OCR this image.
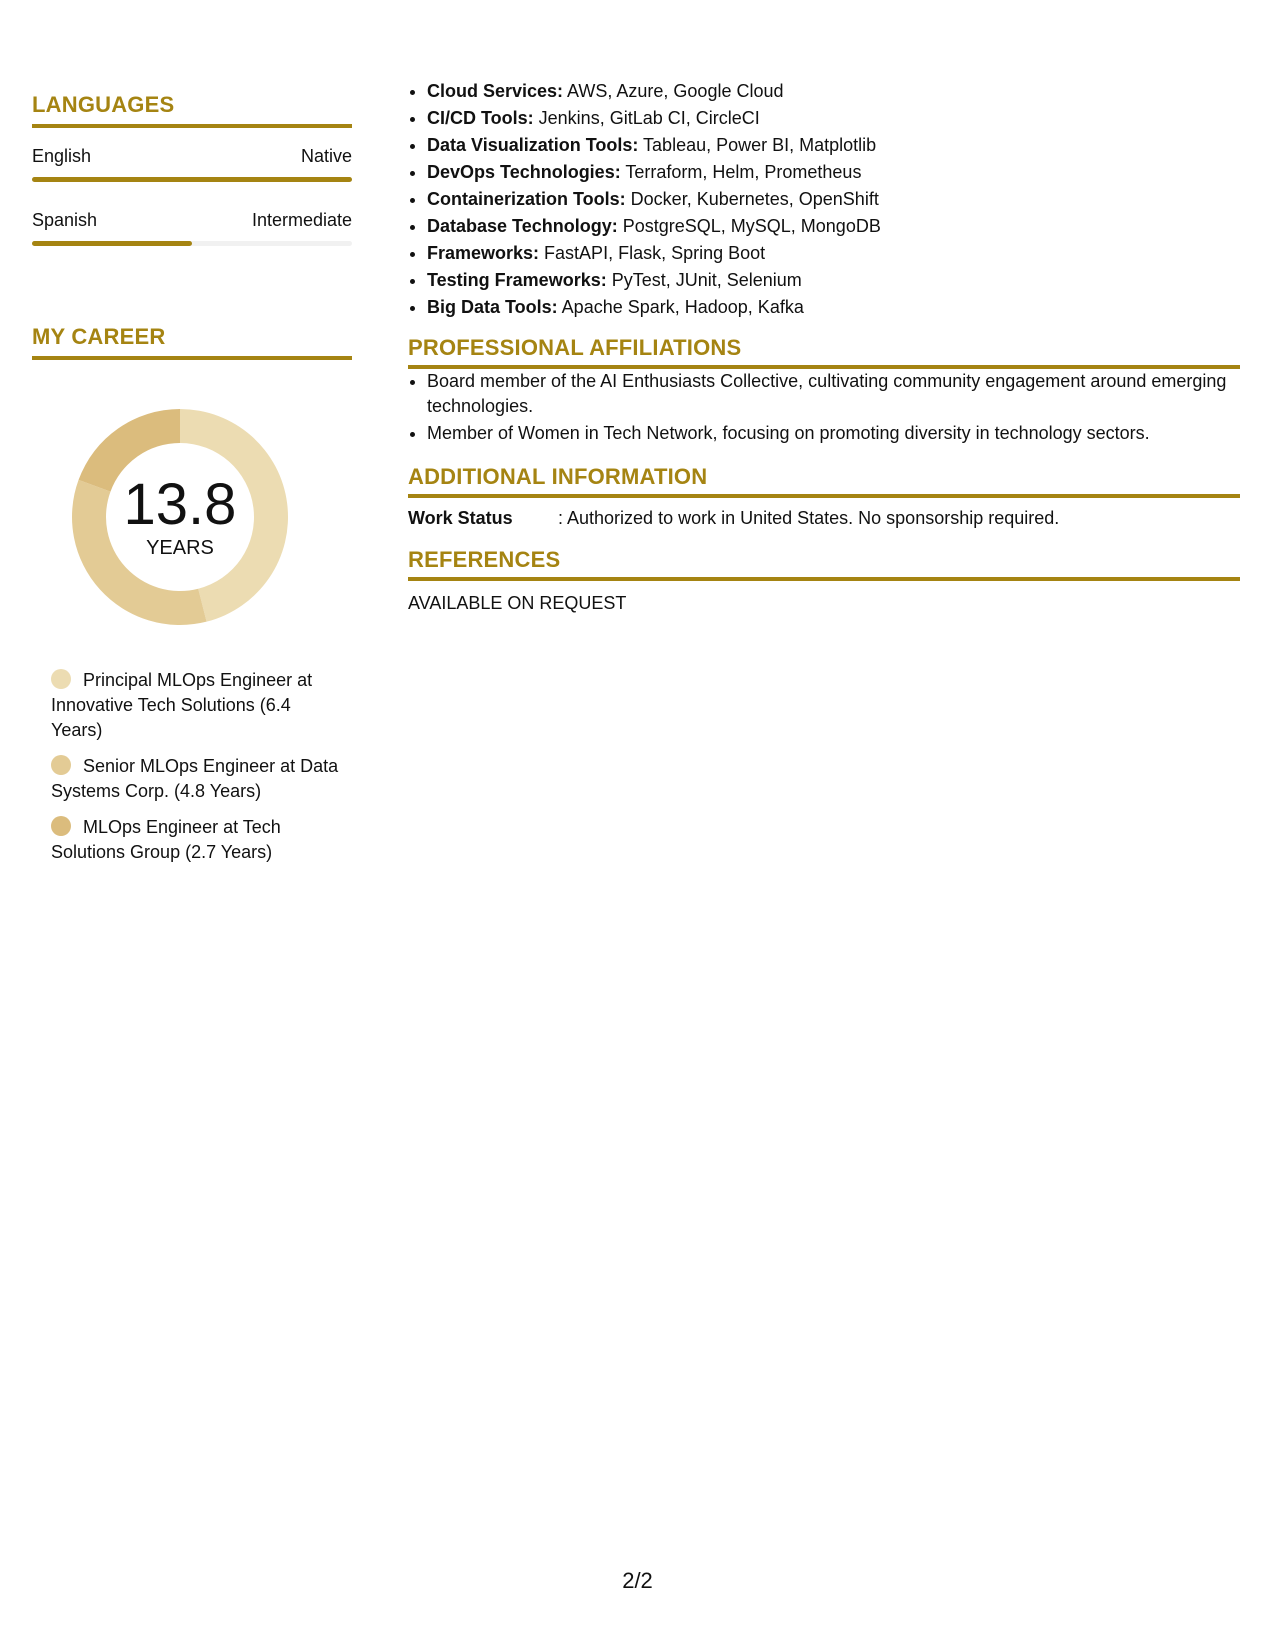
LANGUAGES
English	Native
Spanish	Intermediate
MY CAREER
13.8
YEARS
Principal MLOps Engineer at Innovative Tech Solutions (6.4 Years)
Senior MLOps Engineer at Data Systems Corp. (4.8 Years)
MLOps Engineer at Tech Solutions Group (2.7 Years)
• Cloud Services: AWS, Azure, Google Cloud
• CI/CD Tools: Jenkins, GitLab CI, CircleCI
• Data Visualization Tools: Tableau, Power BI, Matplotlib
• DevOps Technologies: Terraform, Helm, Prometheus
• Containerization Tools: Docker, Kubernetes, OpenShift
• Database Technology: PostgreSQL, MySQL, MongoDB
• Frameworks: FastAPI, Flask, Spring Boot
• Testing Frameworks: PyTest, JUnit, Selenium
• Big Data Tools: Apache Spark, Hadoop, Kafka
PROFESSIONAL AFFILIATIONS
• Board member of the AI Enthusiasts Collective, cultivating community engagement around emerging technologies.
• Member of Women in Tech Network, focusing on promoting diversity in technology sectors.
ADDITIONAL INFORMATION
Work Status	: Authorized to work in United States. No sponsorship required.
REFERENCES
AVAILABLE ON REQUEST
2/2
